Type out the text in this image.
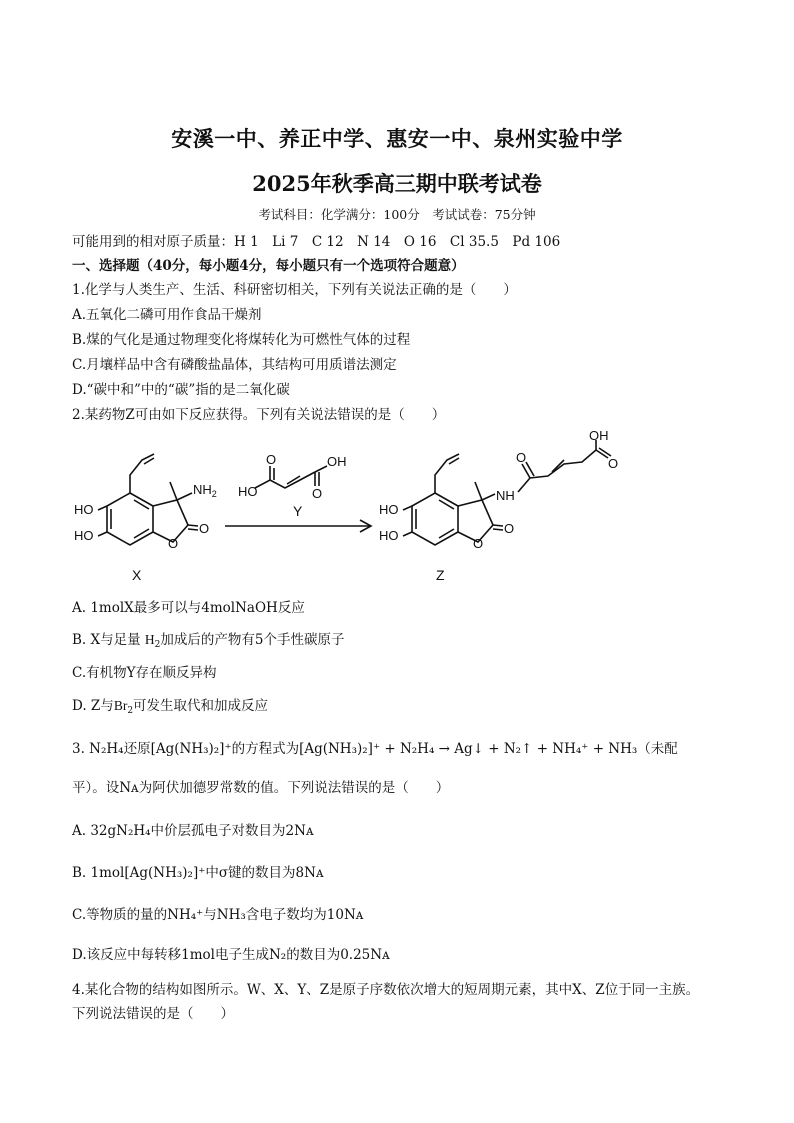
安溪一中、养正中学、惠安一中、泉州实验中学
2025年秋季高三期中联考试卷
考试科目：化学满分：100分　考试试卷：75分钟
可能用到的相对原子质量：H 1　Li 7　C 12　N 14　O 16　Cl 35.5　Pd 106
一、选择题（40分，每小题4分，每小题只有一个选项符合题意）
1.化学与人类生产、生活、科研密切相关，下列有关说法正确的是（　　）
A.五氧化二磷可用作食品干燥剂
B.煤的气化是通过物理变化将煤转化为可燃性气体的过程
C.月壤样品中含有磷酸盐晶体，其结构可用质谱法测定
D.“碳中和”中的“碳”指的是二氧化碳
2.某药物Z可由如下反应获得。下列有关说法错误的是（　　）
HO
HO
O
O
$NH_2$
X
HO
O	OH
O
Y	HO
HO
O
O
NH
O
OH
O
Z
A. 1molX最多可以与4molNaOH反应
B. X与足量 $H_2$加成后的产物有5个手性碳原子
C.有机物Y存在顺反异构
D. Z与$Br_2$可发生取代和加成反应
3. N₂H₄还原[Ag(NH₃)₂]⁺的方程式为[Ag(NH₃)₂]⁺ + N₂H₄ → Ag↓ + N₂↑ + NH₄⁺ + NH₃（未配
平）。设Nᴀ为阿伏加德罗常数的值。下列说法错误的是（　　）
A. 32gN₂H₄中价层孤电子对数目为2Nᴀ
B. 1mol[Ag(NH₃)₂]⁺中σ键的数目为8Nᴀ
C.等物质的量的NH₄⁺与NH₃含电子数均为10Nᴀ
D.该反应中每转移1mol电子生成N₂的数目为0.25Nᴀ
4.某化合物的结构如图所示。W、X、Y、Z是原子序数依次增大的短周期元素，其中X、Z位于同一主族。
下列说法错误的是（　　）
